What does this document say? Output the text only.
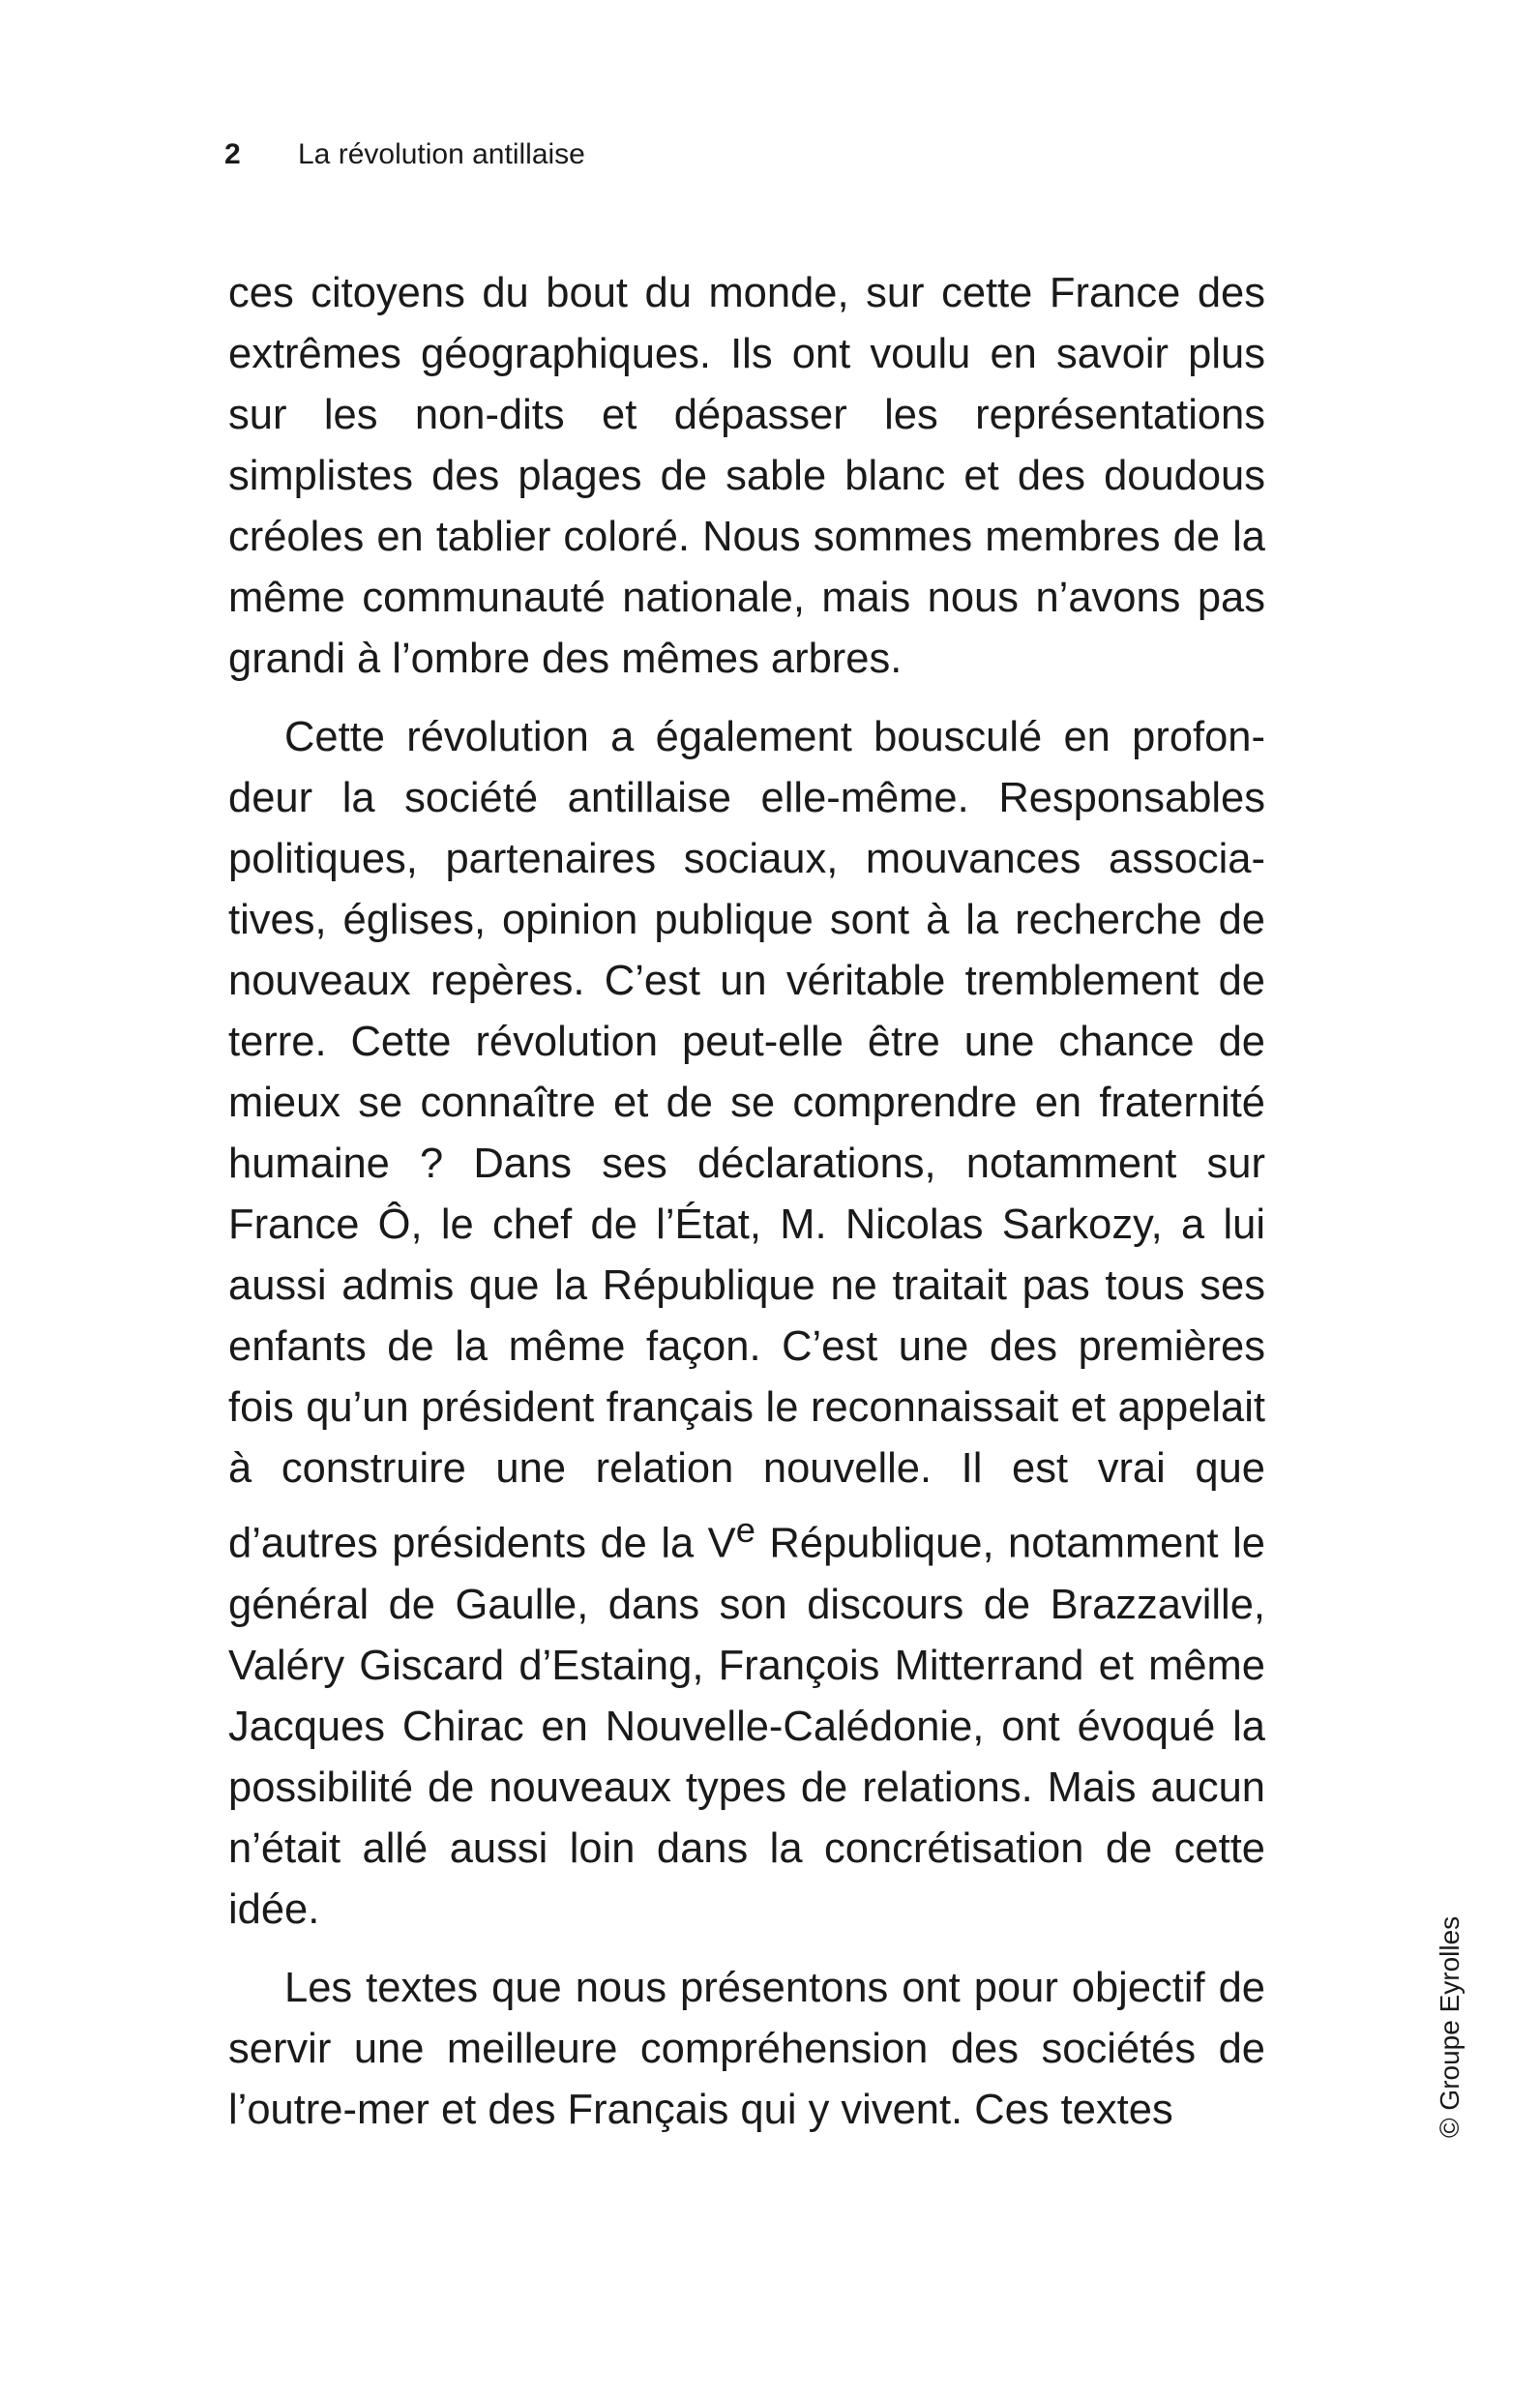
2 La révolution antillaise

ces citoyens du bout du monde, sur cette France des extrêmes géographiques. Ils ont voulu en savoir plus sur les non-dits et dépasser les représentations simplistes des plages de sable blanc et des doudous créoles en tablier coloré. Nous sommes membres de la même communauté nationale, mais nous n’avons pas grandi à l’ombre des mêmes arbres.

Cette révolution a également bousculé en profondeur la société antillaise elle-même. Responsables politiques, partenaires sociaux, mouvances associatives, églises, opinion publique sont à la recherche de nouveaux repères. C’est un véritable tremblement de terre. Cette révolution peut-elle être une chance de mieux se connaître et de se comprendre en fraternité humaine ? Dans ses déclarations, notamment sur France Ô, le chef de l’État, M. Nicolas Sarkozy, a lui aussi admis que la République ne traitait pas tous ses enfants de la même façon. C’est une des premières fois qu’un président français le reconnaissait et appelait à construire une relation nouvelle. Il est vrai que d’autres présidents de la Ve République, notamment le général de Gaulle, dans son discours de Brazzaville, Valéry Giscard d’Estaing, François Mitterrand et même Jacques Chirac en Nouvelle-Calédonie, ont évoqué la possibilité de nouveaux types de relations. Mais aucun n’était allé aussi loin dans la concrétisation de cette idée.

Les textes que nous présentons ont pour objectif de servir une meilleure compréhension des sociétés de l’outre-mer et des Français qui y vivent. Ces textes	© Groupe Eyrolles
